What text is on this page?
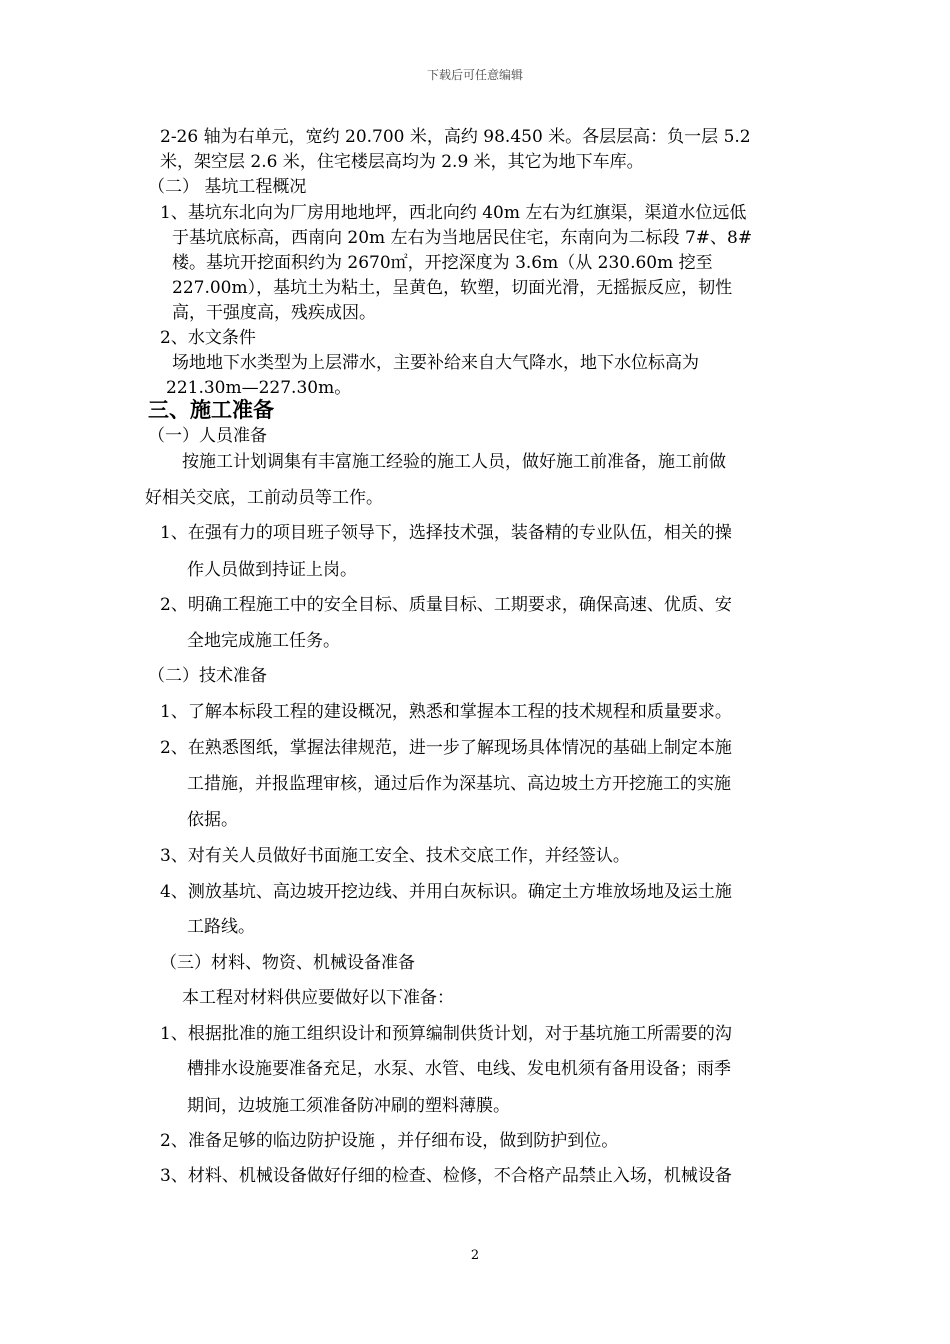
下载后可任意编辑
2-26 轴为右单元，宽约 20.700 米，高约 98.450 米。各层层高：负一层 5.2
米，架空层 2.6 米，住宅楼层高均为 2.9 米，其它为地下车库。
（二） 基坑工程概况
1、基坑东北向为厂房用地地坪，西北向约 40m 左右为红旗渠，渠道水位远低
于基坑底标高，西南向 20m 左右为当地居民住宅，东南向为二标段 7#、8#
楼。基坑开挖面积约为 2670㎡，开挖深度为 3.6m（从 230.60m 挖至
227.00m），基坑土为粘土，呈黄色，软塑，切面光滑，无摇振反应，韧性
高，干强度高，残疾成因。
2、水文条件
场地地下水类型为上层滞水，主要补给来自大气降水，地下水位标高为
221.30m—227.30m。
三、施工准备
（一）人员准备
按施工计划调集有丰富施工经验的施工人员，做好施工前准备，施工前做
好相关交底，工前动员等工作。
1、在强有力的项目班子领导下，选择技术强，装备精的专业队伍，相关的操
作人员做到持证上岗。
2、明确工程施工中的安全目标、质量目标、工期要求，确保高速、优质、安
全地完成施工任务。
（二）技术准备
1、了解本标段工程的建设概况，熟悉和掌握本工程的技术规程和质量要求。
2、在熟悉图纸，掌握法律规范，进一步了解现场具体情况的基础上制定本施
工措施，并报监理审核，通过后作为深基坑、高边坡土方开挖施工的实施
依据。
3、对有关人员做好书面施工安全、技术交底工作，并经签认。
4、测放基坑、高边坡开挖边线、并用白灰标识。确定土方堆放场地及运土施
工路线。
（三）材料、物资、机械设备准备
本工程对材料供应要做好以下准备：
1、根据批准的施工组织设计和预算编制供货计划，对于基坑施工所需要的沟
槽排水设施要准备充足，水泵、水管、电线、发电机须有备用设备；雨季
期间，边坡施工须准备防冲刷的塑料薄膜。
2、准备足够的临边防护设施 ，并仔细布设，做到防护到位。
3、材料、机械设备做好仔细的检查、检修，不合格产品禁止入场，机械设备
2
